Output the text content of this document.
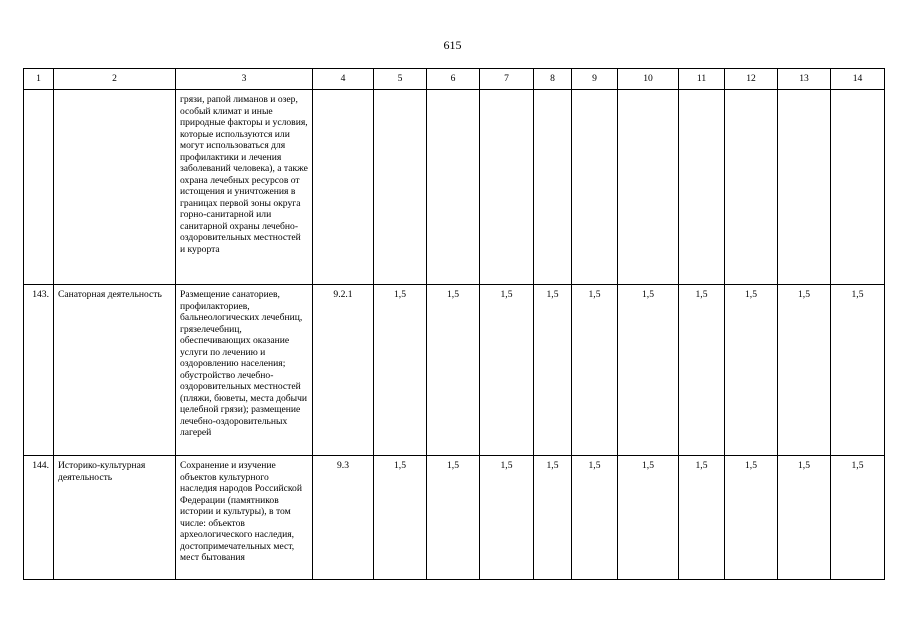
615
1	2	3	4	5	6	7	8	9	10	11	12	13	14
		грязи, рапой лиманов и озер, особый климат и иные природные факторы и условия, которые используются или могут использоваться для профилактики и лечения заболеваний человека), а также охрана лечебных ресурсов от истощения и уничтожения в границах первой зоны округа горно-санитарной или санитарной охраны лечебно-оздоровительных местностей и курорта											
143.	Санаторная деятельность	Размещение санаториев, профилакториев, бальнеологических лечебниц, грязелечебниц, обеспечивающих оказание услуги по лечению и оздоровлению населения; обустройство лечебно-оздоровительных местностей (пляжи, бюветы, места добычи целебной грязи); размещение лечебно-оздоровительных лагерей	9.2.1	1,5	1,5	1,5	1,5	1,5	1,5	1,5	1,5	1,5	1,5
144.	Историко-культурная деятельность	Сохранение и изучение объектов культурного наследия народов Российской Федерации (памятников истории и культуры), в том числе: объектов археологического наследия, достопримечательных мест, мест бытования	9.3	1,5	1,5	1,5	1,5	1,5	1,5	1,5	1,5	1,5	1,5
